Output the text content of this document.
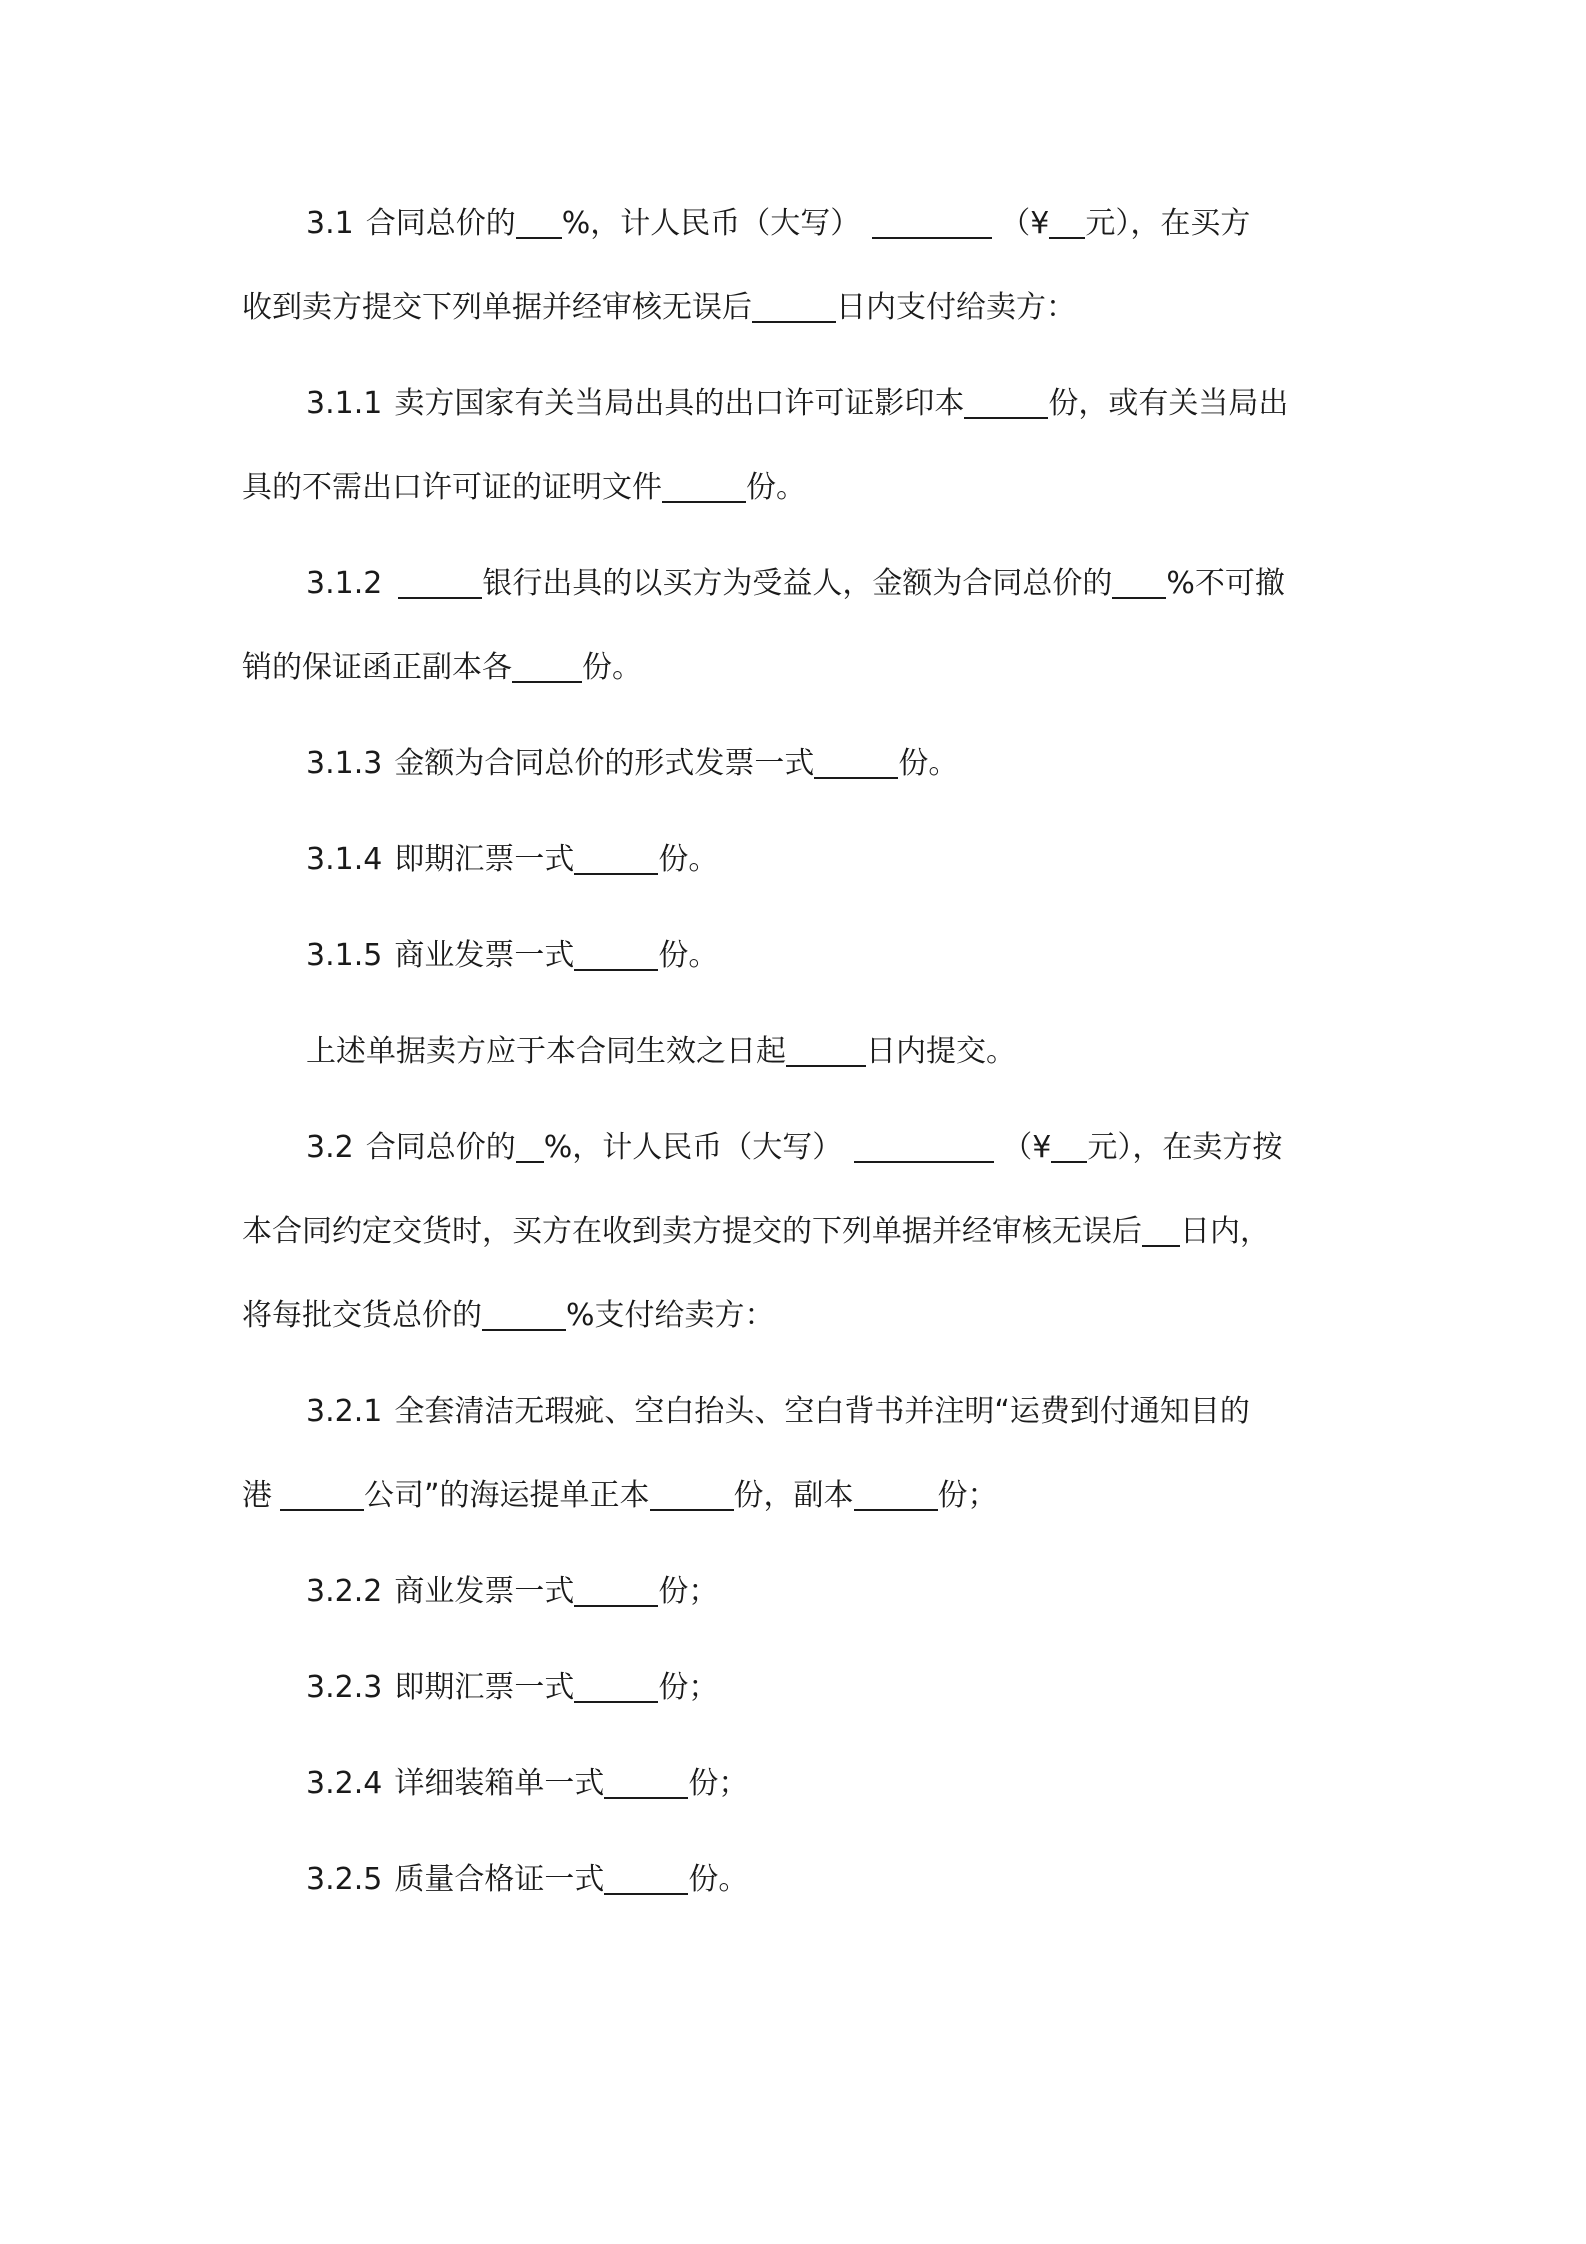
3.1 合同总价的 %，计人民币（大写）	（¥ 元），在买方
收到卖方提交下列单据并经审核无误后	日内支付给卖方：
3.1.1 卖方国家有关当局出具的出口许可证影印本	份，或有关当局出
具的不需出口许可证的证明文件	份。
3.1.2	银行出具的以买方为受益人，金额为合同总价的 %不可撤
销的保证函正副本各 份。
3.1.3 金额为合同总价的形式发票一式	份。
3.1.4 即期汇票一式	份。
3.1.5 商业发票一式	份。
上述单据卖方应于本合同生效之日起	日内提交。
3.2 合同总价的 %，计人民币（大写）	（¥ 元），在卖方按
本合同约定交货时，买方在收到卖方提交的下列单据并经审核无误后 日内，
将每批交货总价的	%支付给卖方：
3.2.1 全套清洁无瑕疵、空白抬头、空白背书并注明“运费到付通知目的
港	公司”的海运提单正本	份，副本	份；
3.2.2 商业发票一式	份；
3.2.3 即期汇票一式	份；
3.2.4 详细装箱单一式	份；
3.2.5 质量合格证一式	份。
